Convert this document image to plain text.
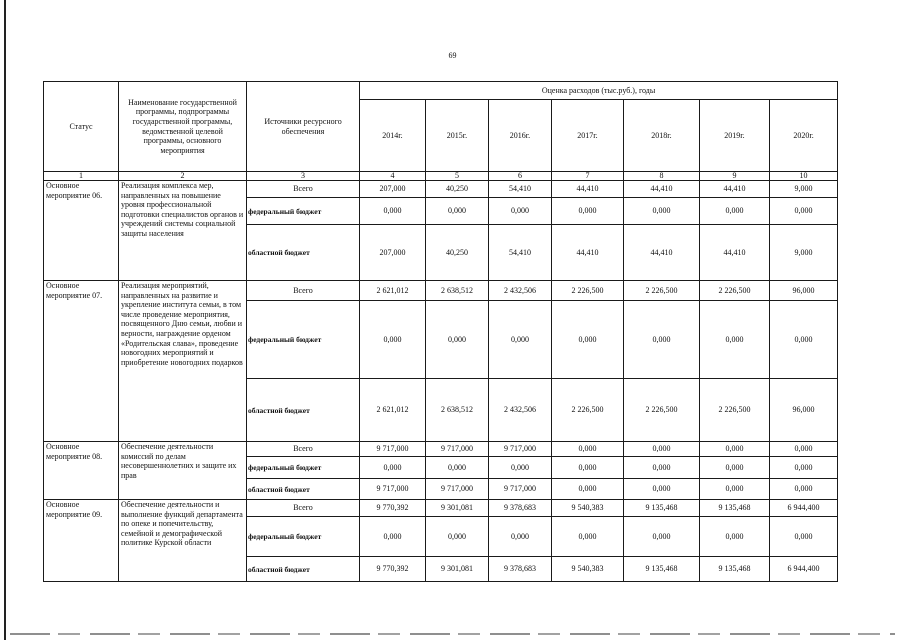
69
Статус	Наименование государственной программы, подпрограммы государственной программы, ведомственной целевой программы, основного мероприятия	Источники ресурсного обеспечения	Оценка расходов (тыс.руб.), годы						
			2014г.	2015г.	2016г.	2017г.	2018г.	2019г.	2020г.
1	2	3	4	5	6	7	8	9	10
Основное мероприятие 06.	Реализация комплекса мер, направленных на повышение уровня профессиональной подготовки специалистов органов и учреждений системы социальной защиты населения	Всего	207,000	40,250	54,410	44,410	44,410	44,410	9,000
		федеральный бюджет	0,000	0,000	0,000	0,000	0,000	0,000	0,000
		областной бюджет	207,000	40,250	54,410	44,410	44,410	44,410	9,000
Основное мероприятие 07.	Реализация мероприятий, направленных на развитие и укрепление института семьи, в том числе проведение мероприятия, посвященного Дню семьи, любви и верности, награждение орденом «Родительская слава», проведение новогодних мероприятий и приобретение новогодних подарков	Всего	2 621,012	2 638,512	2 432,506	2 226,500	2 226,500	2 226,500	96,000
		федеральный бюджет	0,000	0,000	0,000	0,000	0,000	0,000	0,000
		областной бюджет	2 621,012	2 638,512	2 432,506	2 226,500	2 226,500	2 226,500	96,000
Основное мероприятие 08.	Обеспечение деятельности комиссий по делам несовершеннолетних и защите их прав	Всего	9 717,000	9 717,000	9 717,000	0,000	0,000	0,000	0,000
		федеральный бюджет	0,000	0,000	0,000	0,000	0,000	0,000	0,000
		областной бюджет	9 717,000	9 717,000	9 717,000	0,000	0,000	0,000	0,000
Основное мероприятие 09.	Обеспечение деятельности и выполнение функций департамента по опеке и попечительству, семейной и демографической политике Курской области	Всего	9 770,392	9 301,081	9 378,683	9 540,383	9 135,468	9 135,468	6 944,400
		федеральный бюджет	0,000	0,000	0,000	0,000	0,000	0,000	0,000
		областной бюджет	9 770,392	9 301,081	9 378,683	9 540,383	9 135,468	9 135,468	6 944,400
